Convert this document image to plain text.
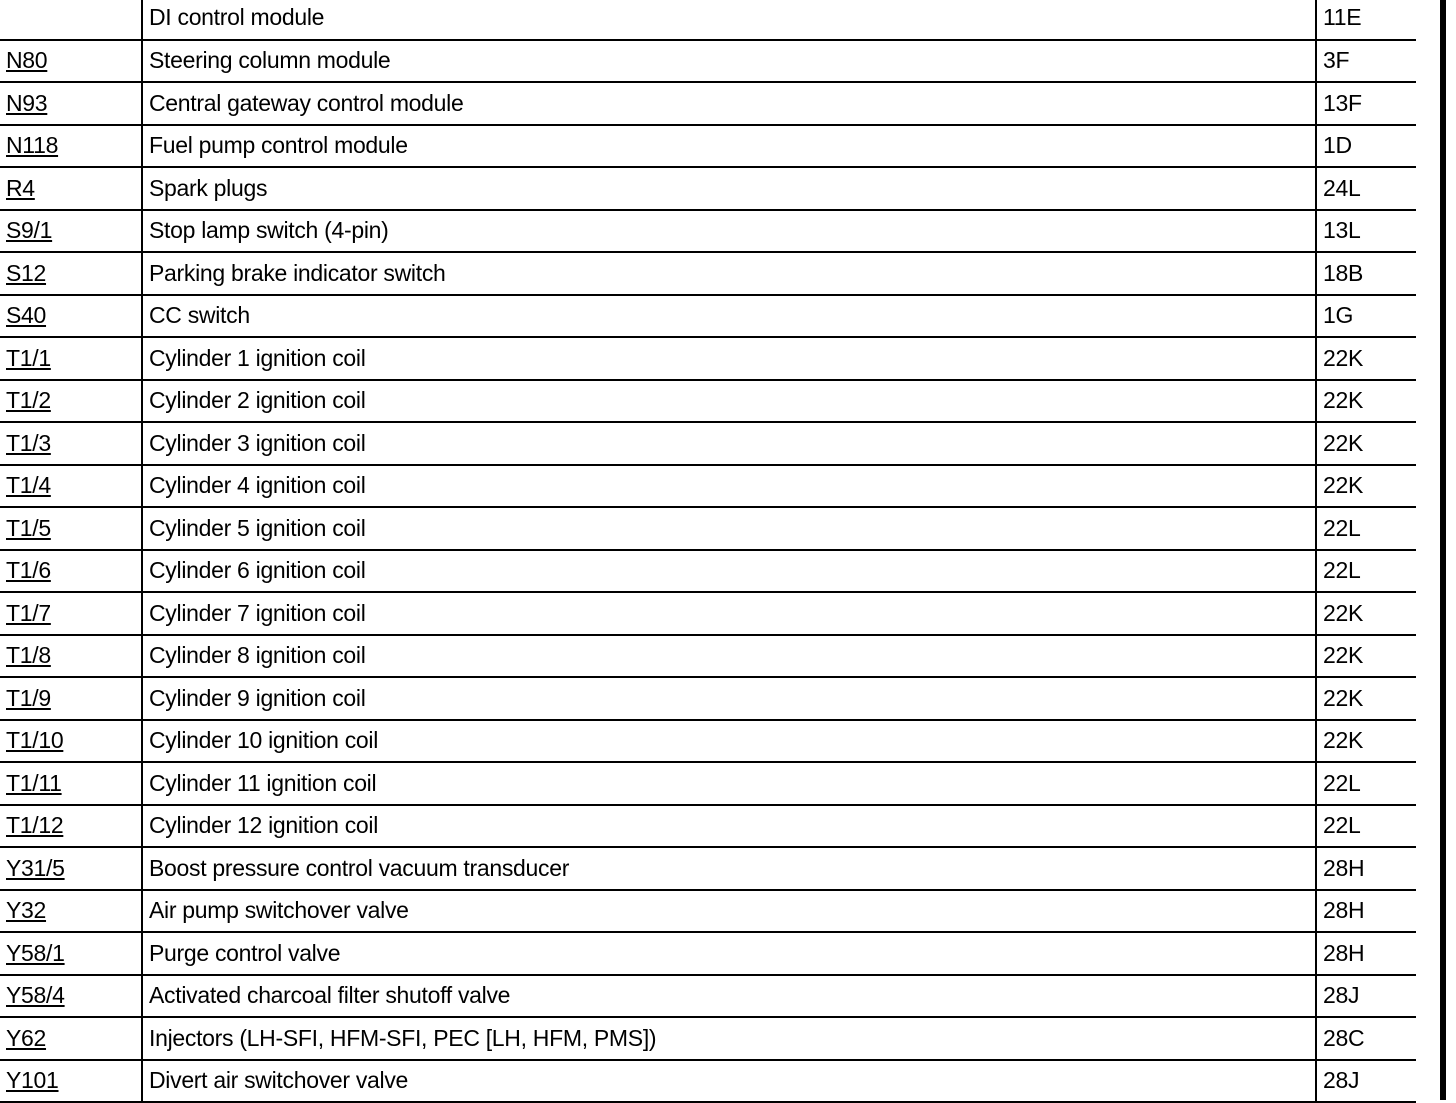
	DI control module	11E
N80	Steering column module	3F
N93	Central gateway control module	13F
N118	Fuel pump control module	1D
R4	Spark plugs	24L
S9/1	Stop lamp switch (4-pin)	13L
S12	Parking brake indicator switch	18B
S40	CC switch	1G
T1/1	Cylinder 1 ignition coil	22K
T1/2	Cylinder 2 ignition coil	22K
T1/3	Cylinder 3 ignition coil	22K
T1/4	Cylinder 4 ignition coil	22K
T1/5	Cylinder 5 ignition coil	22L
T1/6	Cylinder 6 ignition coil	22L
T1/7	Cylinder 7 ignition coil	22K
T1/8	Cylinder 8 ignition coil	22K
T1/9	Cylinder 9 ignition coil	22K
T1/10	Cylinder 10 ignition coil	22K
T1/11	Cylinder 11 ignition coil	22L
T1/12	Cylinder 12 ignition coil	22L
Y31/5	Boost pressure control vacuum transducer	28H
Y32	Air pump switchover valve	28H
Y58/1	Purge control valve	28H
Y58/4	Activated charcoal filter shutoff valve	28J
Y62	Injectors (LH-SFI, HFM-SFI, PEC [LH, HFM, PMS])	28C
Y101	Divert air switchover valve	28J
